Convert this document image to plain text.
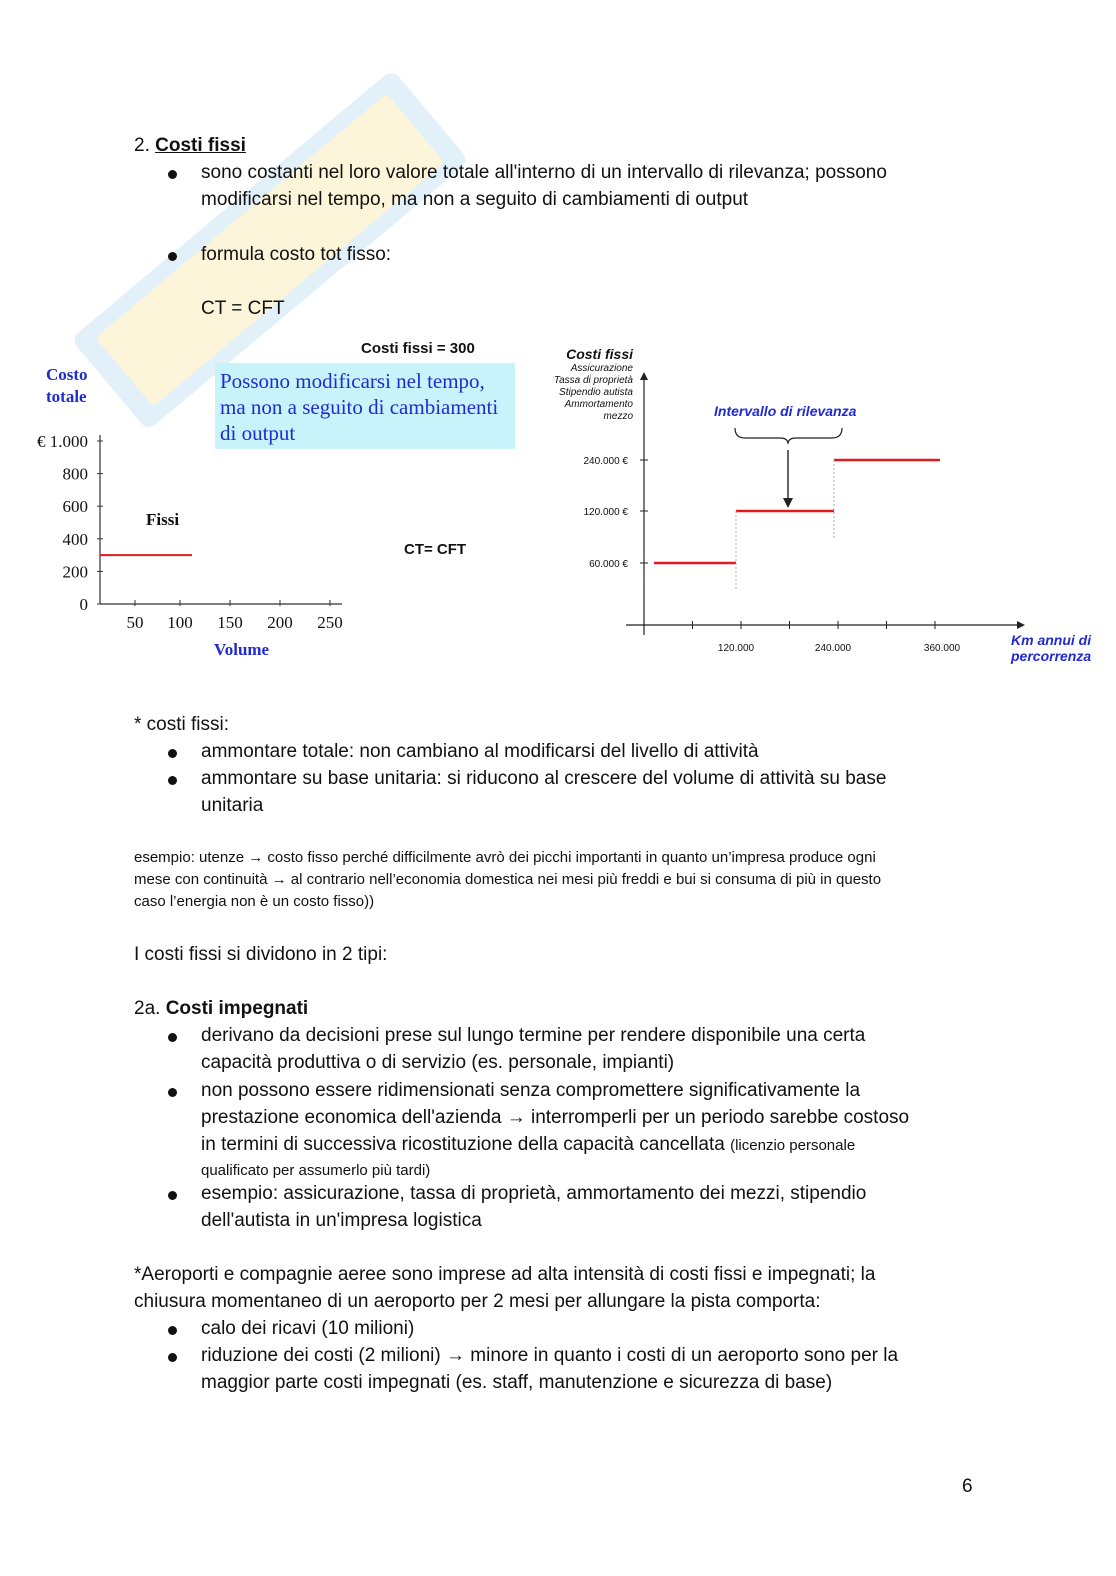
2. Costi fissi
sono costanti nel loro valore totale all'interno di un intervallo di rilevanza; possono
modificarsi nel tempo, ma non a seguito di cambiamenti di output
formula costo tot fisso:
CT = CFT
Possono modificarsi nel tempo,
ma non a seguito di cambiamenti
di output
Costi fissi = 300
Costo
totale
€ 1.000
800
600
400
200
0
50 100 150 200 250
Fissi
CT= CFT
Volume
Costi fissi
Assicurazione
Tassa di proprietà
Stipendio autista
Ammortamento
mezzo	Intervallo di rilevanza
240.000 €
120.000 €
60.000 €
120.000	240.000	360.000
Km annui di
percorrenza
* costi fissi:
ammontare totale: non cambiano al modificarsi del livello di attività
ammontare su base unitaria: si riducono al crescere del volume di attività su base
unitaria
esempio: utenze → costo fisso perché difficilmente avrò dei picchi importanti in quanto un’impresa produce ogni
mese con continuità → al contrario nell’economia domestica nei mesi più freddi e bui si consuma di più in questo
caso l’energia non è un costo fisso))
I costi fissi si dividono in 2 tipi:
2a. Costi impegnati
derivano da decisioni prese sul lungo termine per rendere disponibile una certa
capacità produttiva o di servizio (es. personale, impianti)
non possono essere ridimensionati senza compromettere significativamente la
prestazione economica dell'azienda → interromperli per un periodo sarebbe costoso
in termini di successiva ricostituzione della capacità cancellata (licenzio personale
qualificato per assumerlo più tardi)
esempio: assicurazione, tassa di proprietà, ammortamento dei mezzi, stipendio
dell'autista in un'impresa logistica
*Aeroporti e compagnie aeree sono imprese ad alta intensità di costi fissi e impegnati; la
chiusura momentaneo di un aeroporto per 2 mesi per allungare la pista comporta:
calo dei ricavi (10 milioni)
riduzione dei costi (2 milioni) → minore in quanto i costi di un aeroporto sono per la
maggior parte costi impegnati (es. staff, manutenzione e sicurezza di base)
6
